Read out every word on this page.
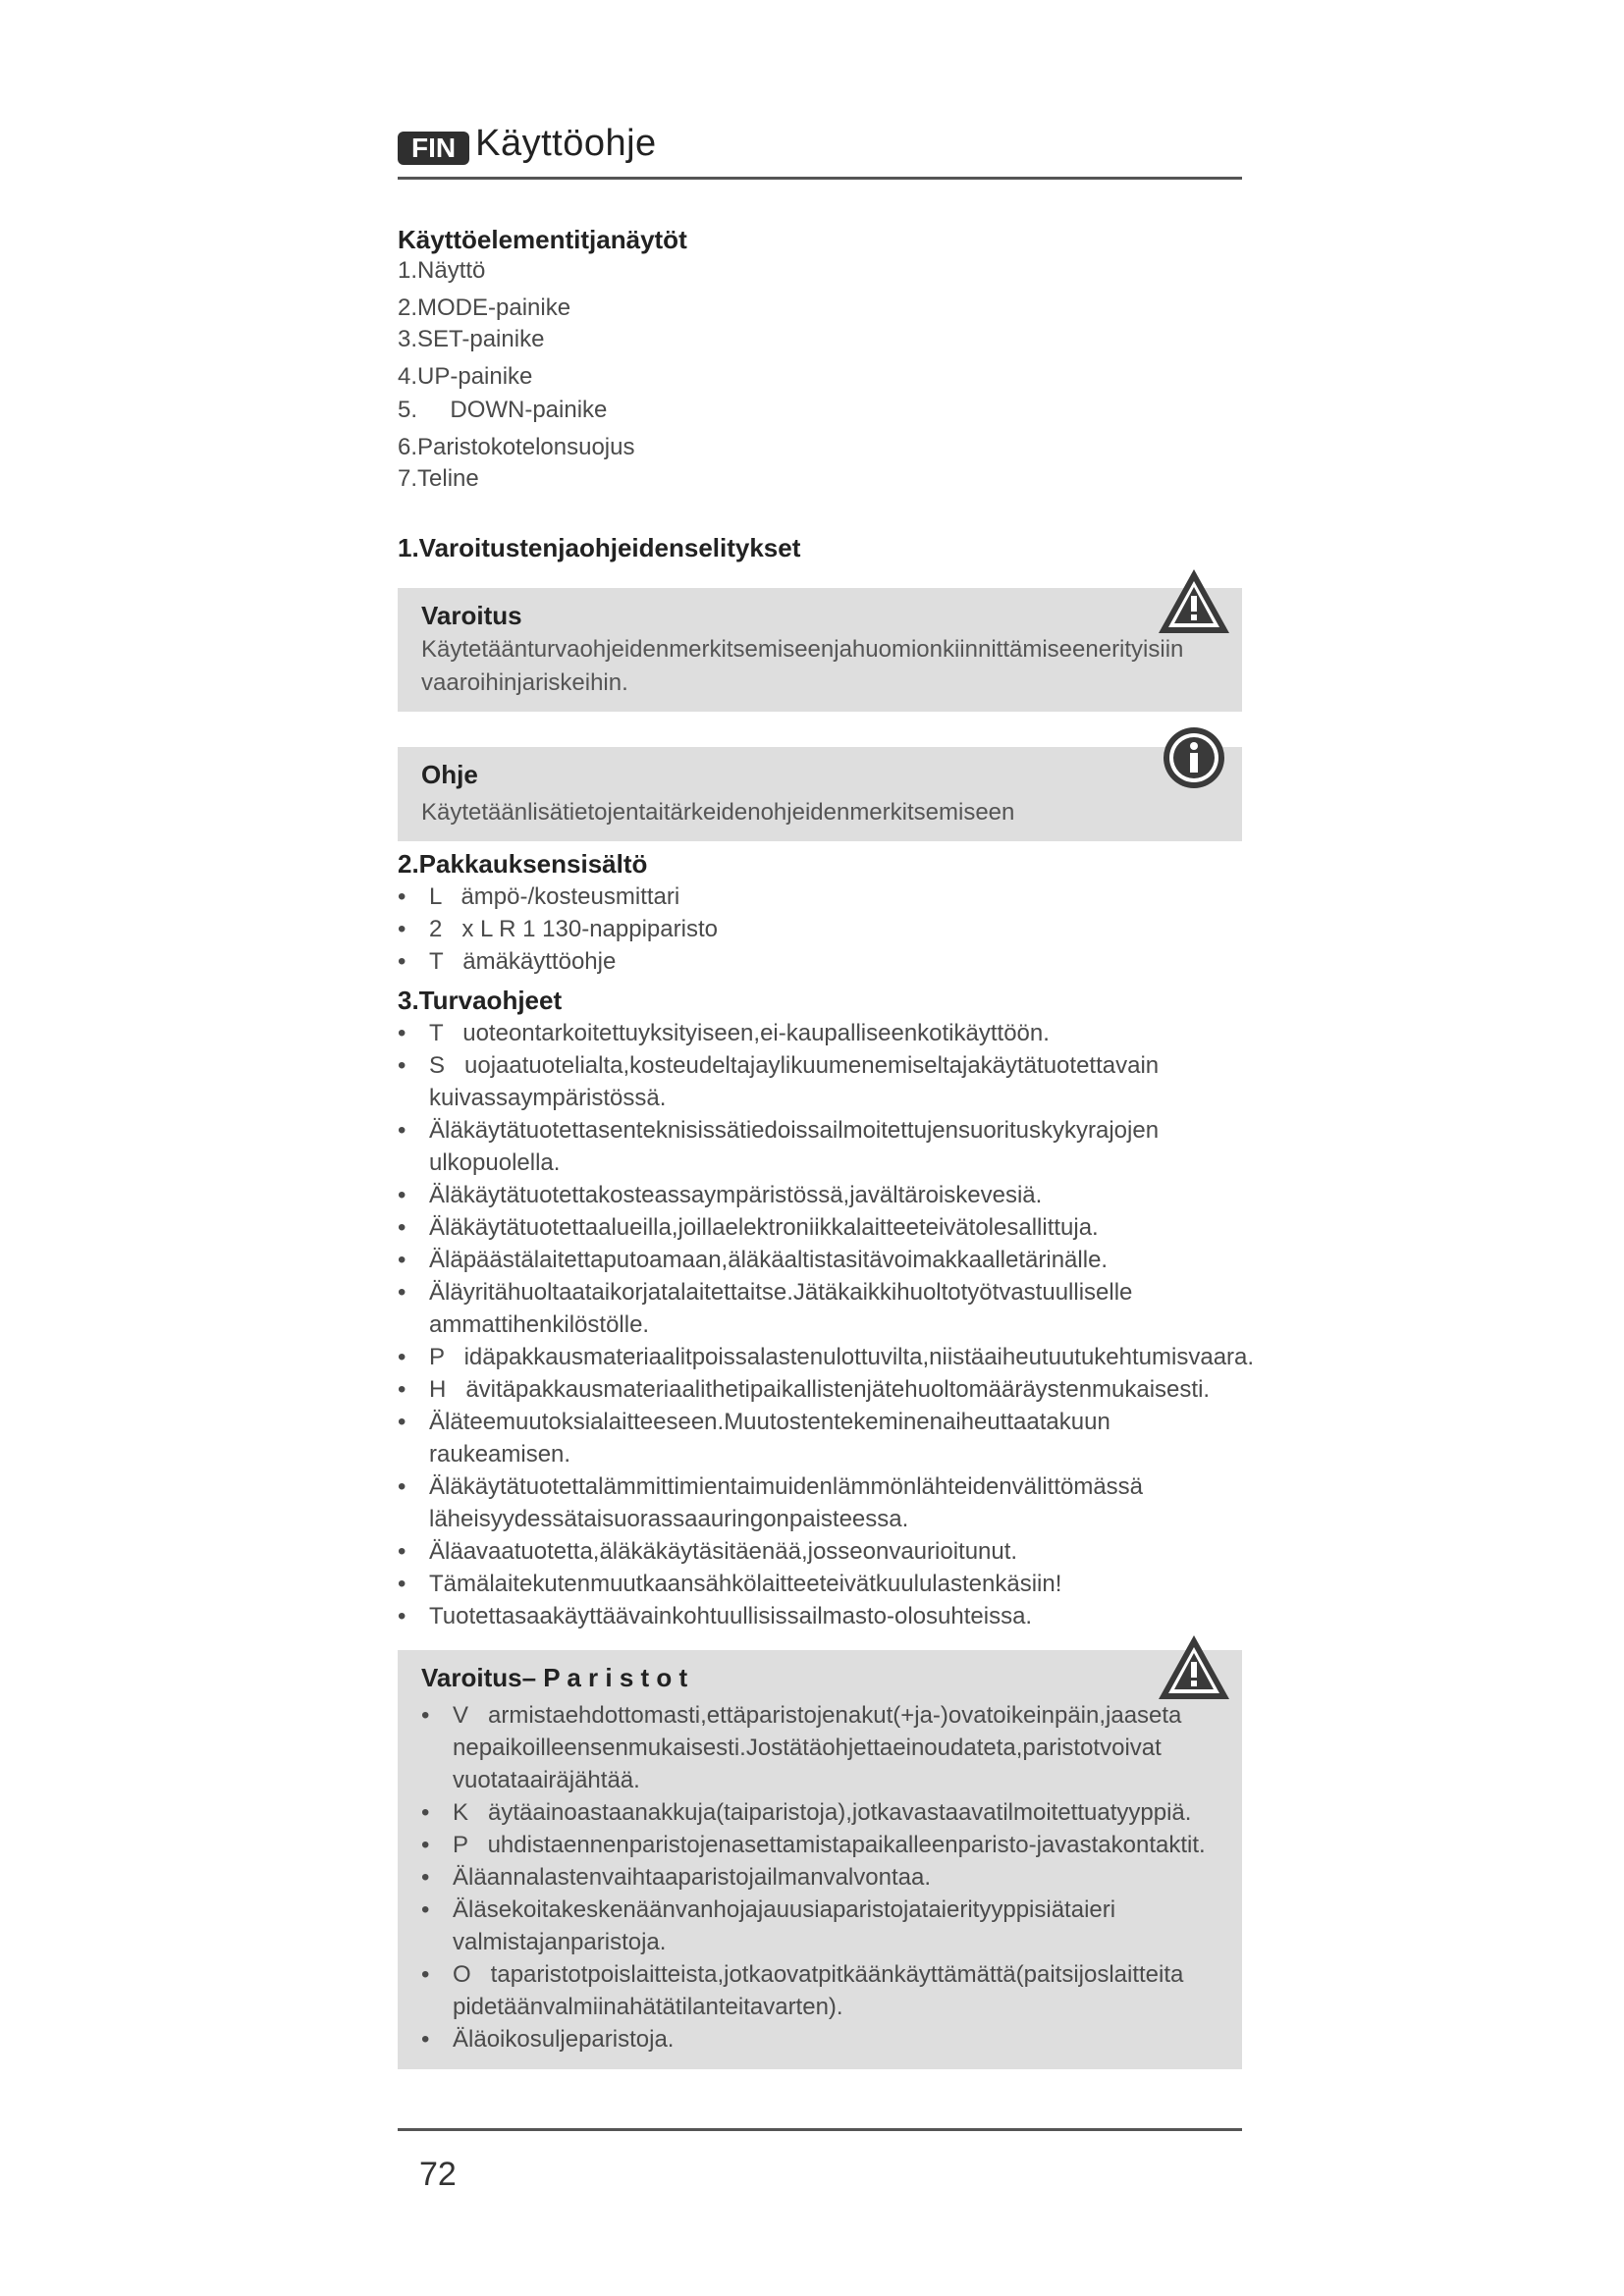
FIN Käyttöohje
Käyttöelementitjanäytöt
1.Näyttö
2.MODE-painike
3.SET-painike
4.UP-painike
5.     DOWN-painike
6.Paristokotelonsuojus
7.Teline
1.Varoitustenjaohjeidenselitykset
Varoitus
Käytetäänturvaohjeidenmerkitsemiseenjahuomionkiinnittämiseenerityisiin
vaaroihinjariskeihin.
Ohje
Käytetäänlisätietojentaitärkeidenohjeidenmerkitsemiseen
2.Pakkauksensisältö
• L   ämpö-/kosteusmittari
• 2   x L R 1 130-nappiparisto
• T   ämäkäyttöohje
3.Turvaohjeet
• T   uoteontarkoitettuyksityiseen,ei-kaupalliseenkotikäyttöön.
• S   uojaatuotelialta,kosteudeltajaylikuumenemiseltajakäytätuotettavain
kuivassaympäristössä.
• Äläkäytätuotettasenteknisissätiedoissailmoitettujensuorituskykyrajojen
ulkopuolella.
• Äläkäytätuotettakosteassaympäristössä,javältäroiskevesiä.
• Äläkäytätuotettaalueilla,joillaelektroniikkalaitteeteivätolesallittuja.
• Äläpäästälaitettaputoamaan,äläkäaltistasitävoimakkaalletärinälle.
• Äläyritähuoltaataikorjatalaitettaitse.Jätäkaikkihuoltotyötvastuulliselle
ammattihenkilöstölle.
• P   idäpakkausmateriaalitpoissalastenulottuvilta,niistäaiheutuutukehtumisvaara.
• H   ävitäpakkausmateriaalithetipaikallistenjätehuoltomääräystenmukaisesti.
• Äläteemuutoksialaitteeseen.Muutostentekeminenaiheuttaatakuun
raukeamisen.
• Äläkäytätuotettalämmittimientaimuidenlämmönlähteidenvälittömässä
läheisyydessätaisuorassaauringonpaisteessa.
• Äläavaatuotetta,äläkäkäytäsitäenää,josseonvaurioitunut.
• Tämälaitekutenmuutkaansähkölaitteeteivätkuululastenkäsiin!
• Tuotettasaakäyttäävainkohtuullisissailmasto-olosuhteissa.
Varoitus– P a r i s t o t
• V   armistaehdottomasti,ettäparistojenakut(+ja-)ovatoikeinpäin,jaaseta
nepaikoilleensenmukaisesti.Jostätäohjettaeinoudateta,paristotvoivat
vuotataairäjähtää.
• K   äytäainoastaanakkuja(taiparistoja),jotkavastaavatilmoitettuatyyppiä.
• P   uhdistaennenparistojenasettamistapaikalleenparisto-javastakontaktit.
• Äläannalastenvaihtaaparistojailmanvalvontaa.
• Äläsekoitakeskenäänvanhojajauusiaparistojataierityyppisiätaieri
valmistajanparistoja.
• O   taparistotpoislaitteista,jotkaovatpitkäänkäyttämättä(paitsijoslaitteita
pidetäänvalmiinahätätilanteitavarten).
• Äläoikosuljeparistoja.
72
